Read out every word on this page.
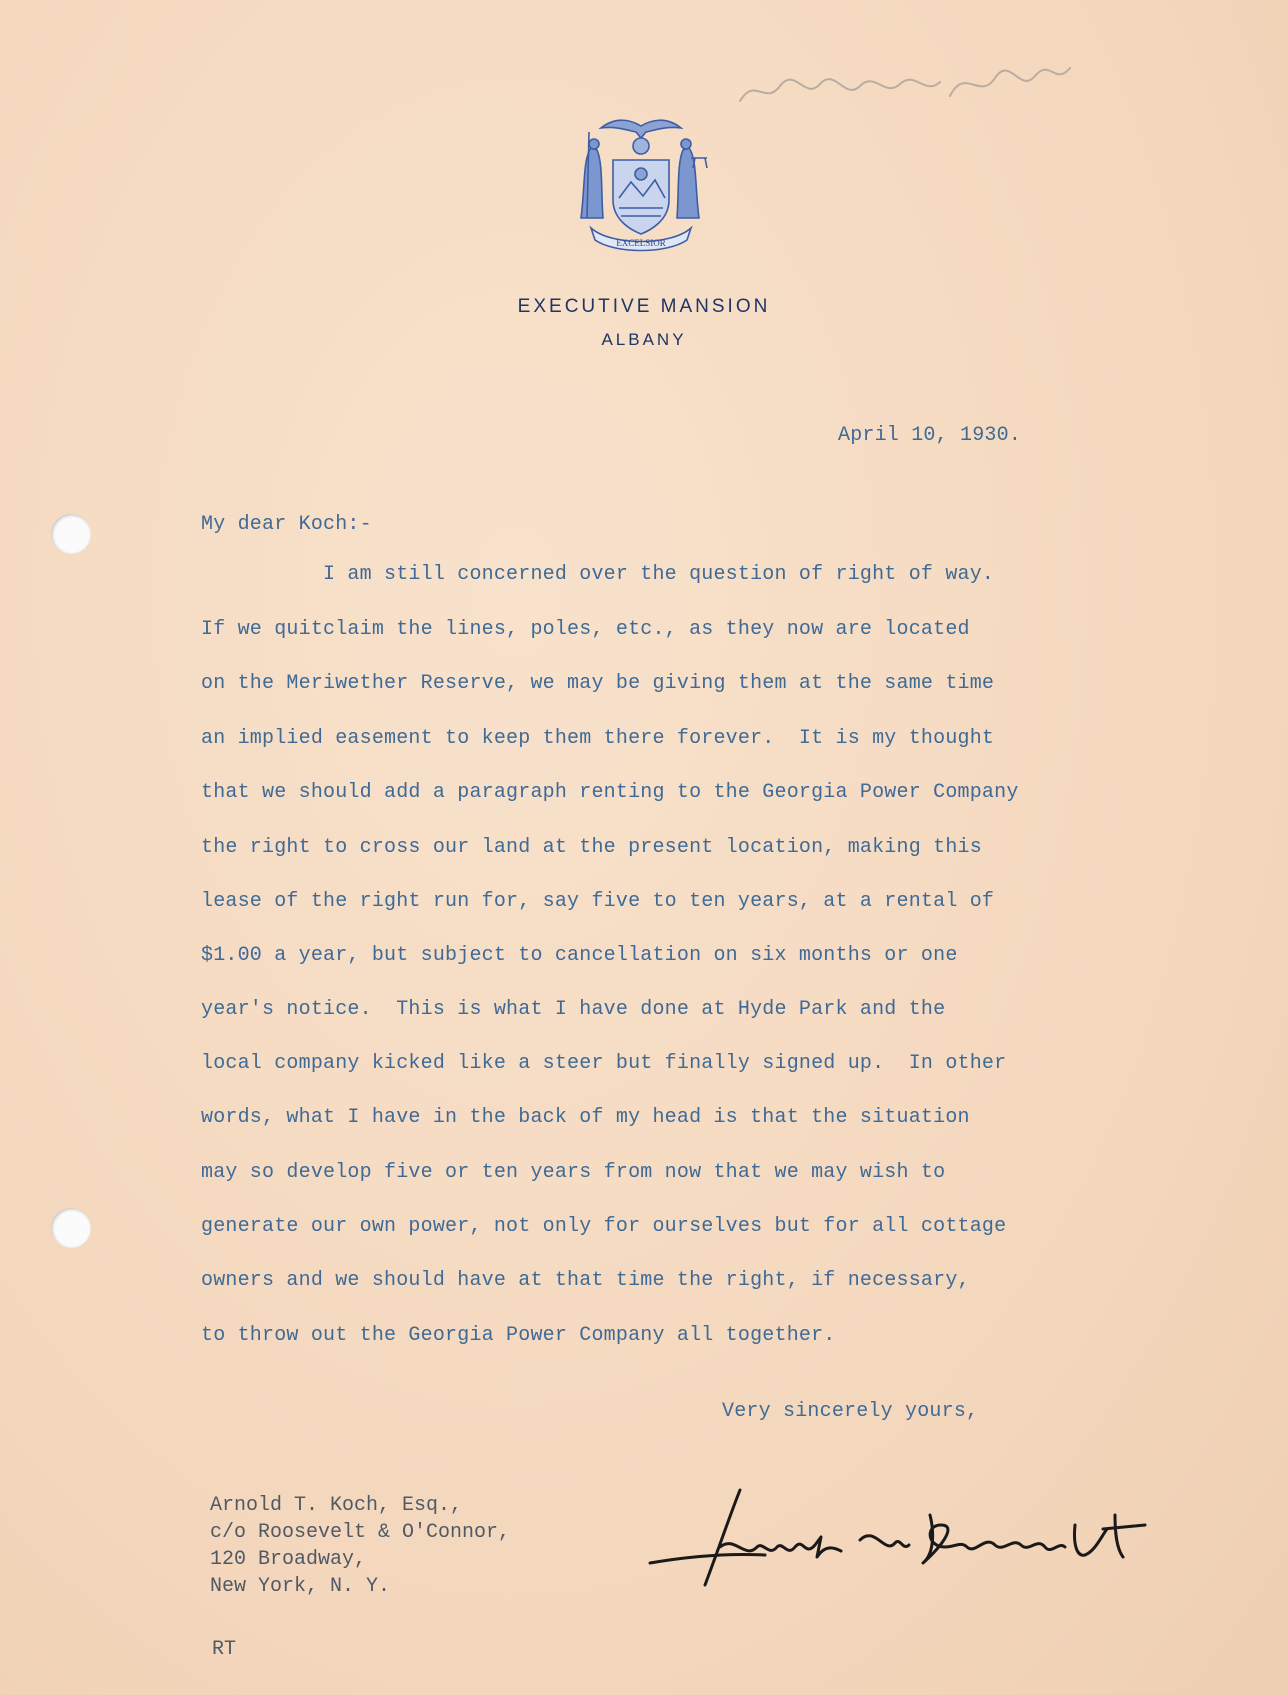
EXCELSIOR
EXECUTIVE MANSION
ALBANY
April 10, 1930.
My dear Koch:-
I am still concerned over the question of right of way.
If we quitclaim the lines, poles, etc., as they now are located
on the Meriwether Reserve, we may be giving them at the same time
an implied easement to keep them there forever.  It is my thought
that we should add a paragraph renting to the Georgia Power Company
the right to cross our land at the present location, making this
lease of the right run for, say five to ten years, at a rental of
$1.00 a year, but subject to cancellation on six months or one
year's notice.  This is what I have done at Hyde Park and the
local company kicked like a steer but finally signed up.  In other
words, what I have in the back of my head is that the situation
may so develop five or ten years from now that we may wish to
generate our own power, not only for ourselves but for all cottage
owners and we should have at that time the right, if necessary,
to throw out the Georgia Power Company all together.
Very sincerely yours,
Arnold T. Koch, Esq.,
c/o Roosevelt & O'Connor,
120 Broadway,
New York, N. Y.
RT
